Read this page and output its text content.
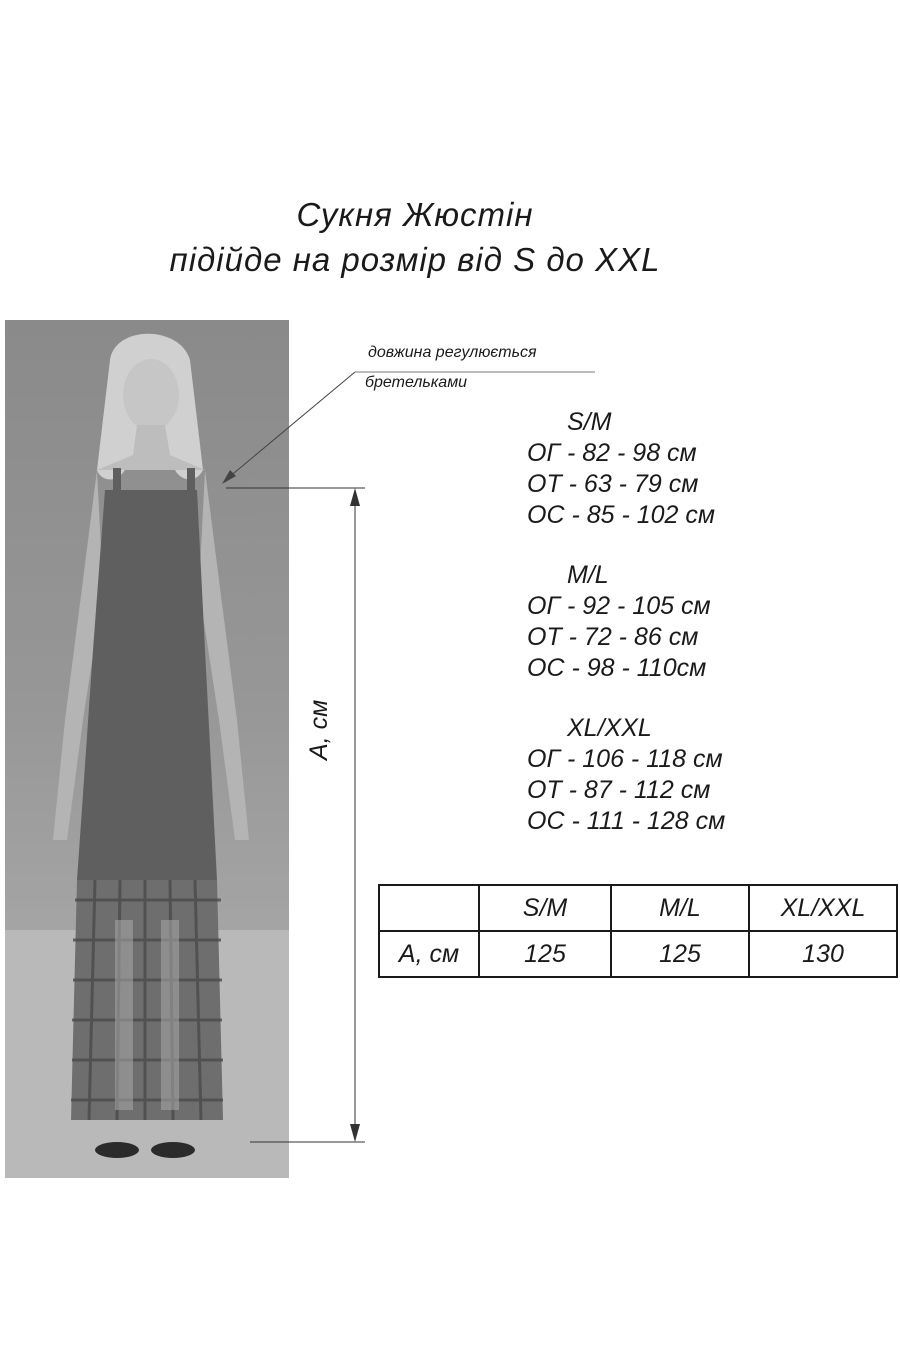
Сукня Жюстін
підійде на розмір від S до XXL
довжина регулюється
бретельками
А, см
S/M
ОГ - 82 - 98 см
ОТ - 63 - 79 см
ОС - 85 - 102 см
M/L
ОГ - 92 - 105 см
ОТ - 72 - 86 см
ОС - 98 - 110см
XL/XXL
ОГ - 106 - 118 см
ОТ - 87 - 112 см
ОС - 111 - 128 см
	S/M	M/L	XL/XXL
А, см	125	125	130
